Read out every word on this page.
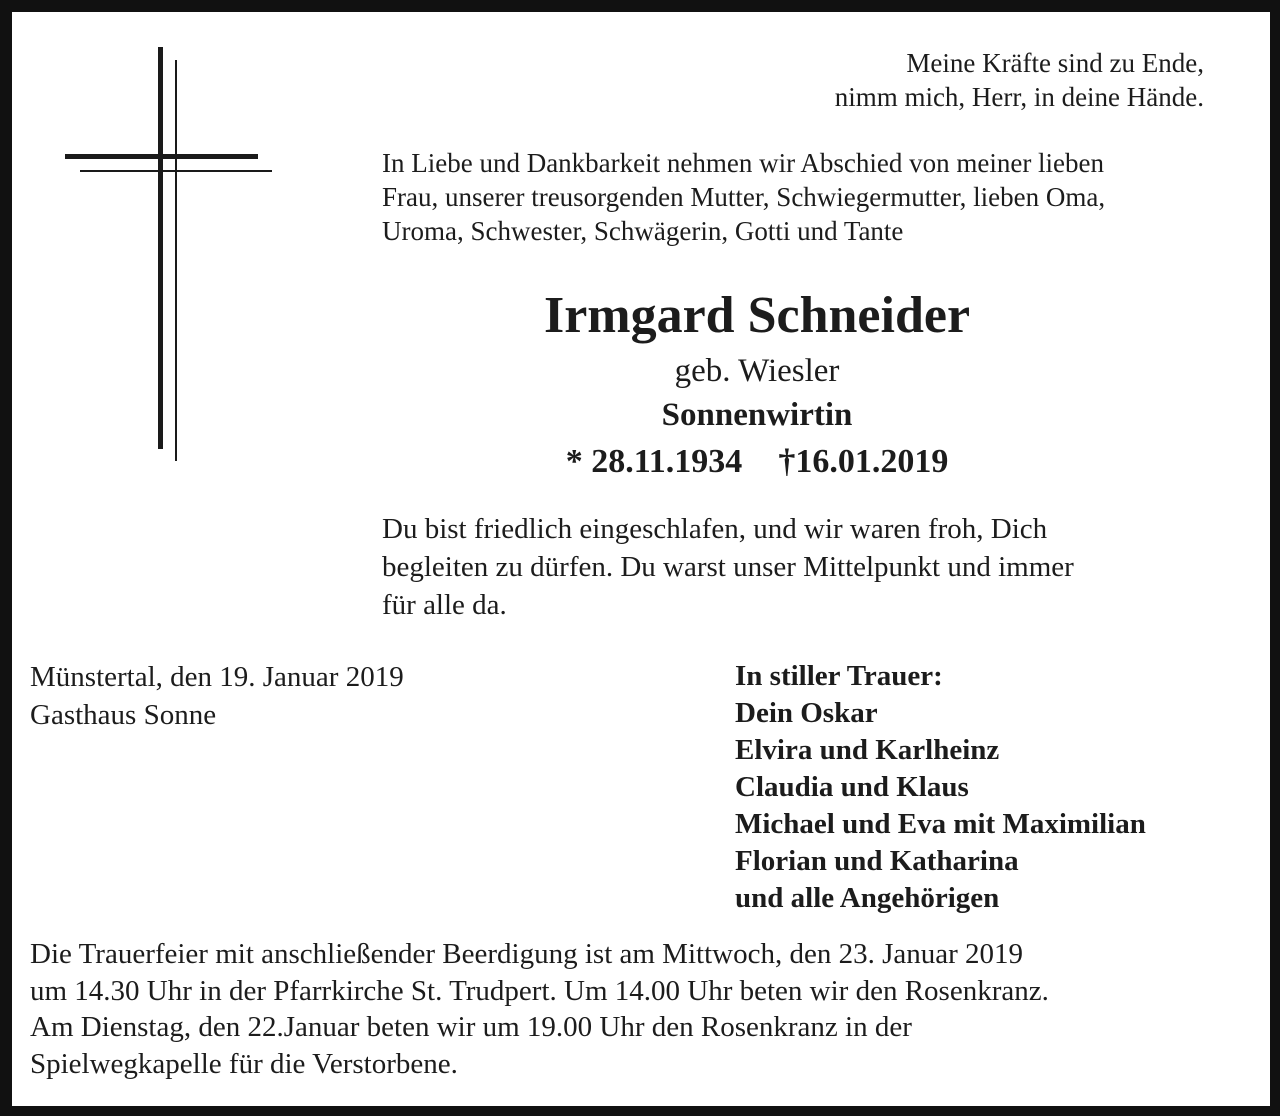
Meine Kräfte sind zu Ende,
nimm mich, Herr, in deine Hände.
In Liebe und Dankbarkeit nehmen wir Abschied von meiner lieben
Frau, unserer treusorgenden Mutter, Schwiegermutter, lieben Oma,
Uroma, Schwester, Schwägerin, Gotti und Tante
Irmgard Schneider
geb. Wiesler
Sonnenwirtin
* 28.11.1934 †16.01.2019
Du bist friedlich eingeschlafen, und wir waren froh, Dich
begleiten zu dürfen. Du warst unser Mittelpunkt und immer
für alle da.
Münstertal, den 19. Januar 2019
Gasthaus Sonne
In stiller Trauer:
Dein Oskar
Elvira und Karlheinz
Claudia und Klaus
Michael und Eva mit Maximilian
Florian und Katharina
und alle Angehörigen
Die Trauerfeier mit anschließender Beerdigung ist am Mittwoch, den 23. Januar 2019
um 14.30 Uhr in der Pfarrkirche St. Trudpert. Um 14.00 Uhr beten wir den Rosenkranz.
Am Dienstag, den 22.Januar beten wir um 19.00 Uhr den Rosenkranz in der
Spielwegkapelle für die Verstorbene.
